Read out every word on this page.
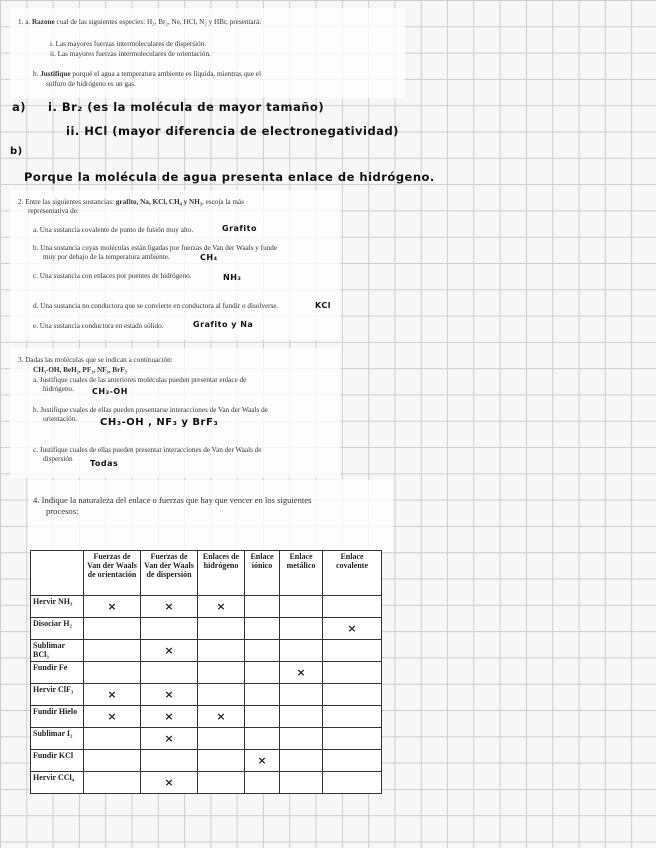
1. a. Razone cual de las siguientes especies: H₂, Br₂, Ne, HCl, N₂ y HBr, presentará:
i. Las mayores fuerzas intermoleculares de dispersión.
ii. Las mayores fuerzas intermoleculares de orientación.
b. Justifique porqué el agua a temperatura ambiente es líquida, mientras que el
sulfuro de hidrógeno es un gas.
a) i. Br₂ (es la molécula de mayor tamaño)
ii. HCl (mayor diferencia de electronegatividad)
b)
Porque la molécula de agua presenta enlace de hidrógeno.
2. Entre las siguientes sustancias: grafito, Na, KCl, CH₄ y NH₃, escoja la más
representativa de:
a. Una sustancia covalente de punto de fusión muy alto.	Grafito
b. Una sustancia cuyas moléculas están ligadas por fuerzas de Van der Waals y funde
muy por debajo de la temperatura ambiente.	CH₄
c. Una sustancia con enlaces por puentes de hidrógeno.	NH₃
d. Una sustancia no conductora que se convierte en conductora al fundir o disolverse.	KCl
e. Una sustancia conductora en estado sólido.	Grafito y Na
3. Dadas las moléculas que se indican a continuación:
CH₃-OH, BeH₂, PF₃, NF₃, BrF₃
a. Justifique cuales de las anteriores moléculas pueden presentar enlace de
hidrógeno. CH₃-OH
b. Justifique cuales de ellas pueden presentarse interacciones de Van der Waals de
orientación. CH₃-OH , NF₃ y BrF₃
c. Justifique cuales de ellas pueden presentar interacciones de Van der Waals de
dispersión Todas
4. Indique la naturaleza del enlace o fuerzas que hay que vencer en los siguientes
procesos:
	Fuerzas de Van der Waals de orientación	Fuerzas de Van der Waals de dispersión	Enlaces de hidrógeno	Enlace iónico	Enlace metálico	Enlace covalente
Hervir NH₃	×	×	×			
Disociar H₂						×
Sublimar BCl₃		×				
Fundir Fe					×	
Hervir ClF₃	×	×				
Fundir Hielo	×	×	×			
Sublimar I₂		×				
Fundir KCl				×		
Hervir CCl₄		×				
